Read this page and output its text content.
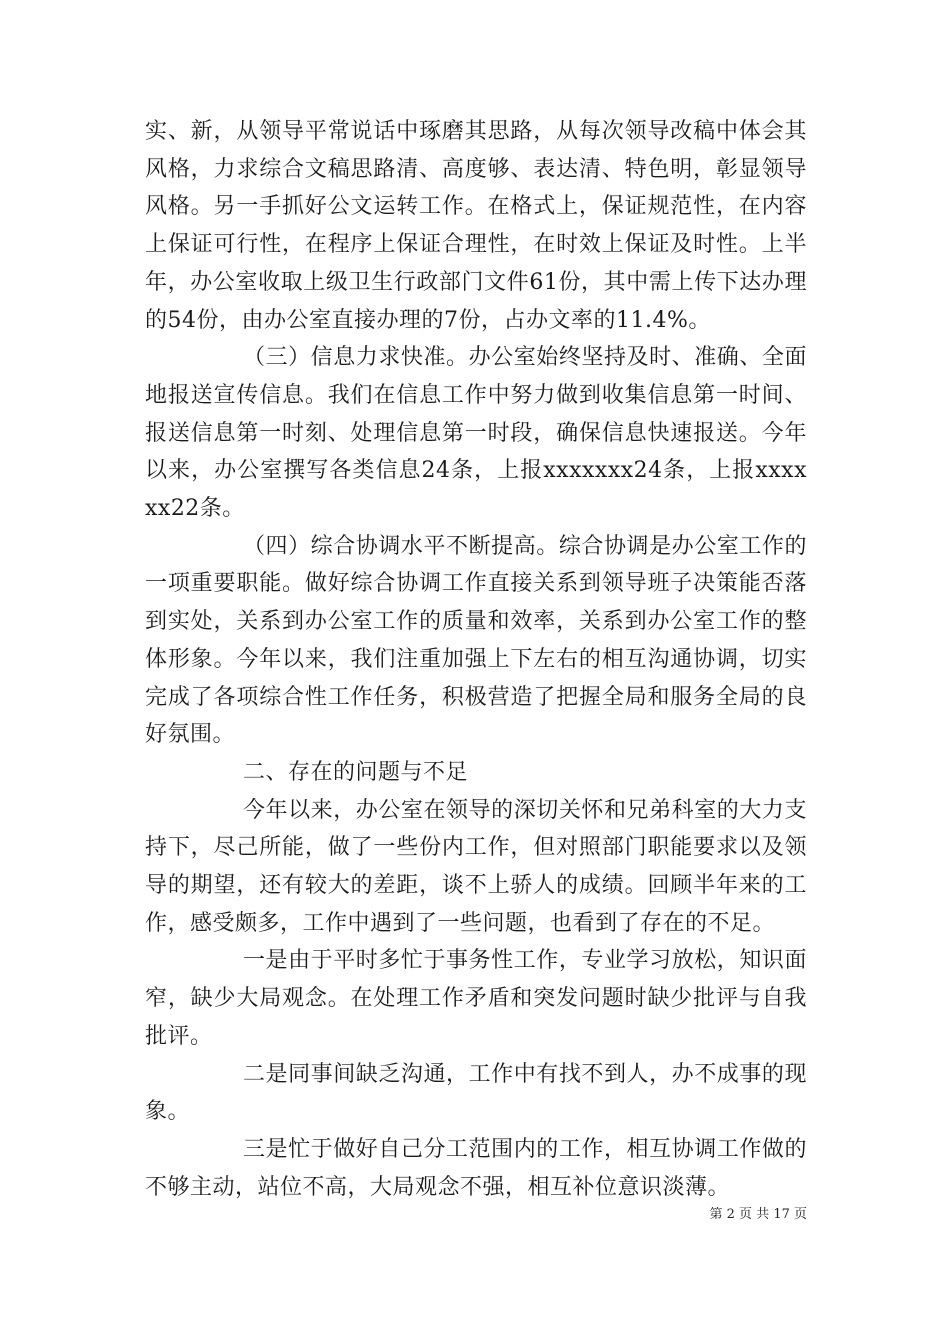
实、新，从领导平常说话中琢磨其思路，从每次领导改稿中体会其风格，力求综合文稿思路清、高度够、表达清、特色明，彰显领导风格。另一手抓好公文运转工作。在格式上，保证规范性，在内容上保证可行性，在程序上保证合理性，在时效上保证及时性。上半年，办公室收取上级卫生行政部门文件61份，其中需上传下达办理的54份，由办公室直接办理的7份，占办文率的11.4%。

（三）信息力求快准。办公室始终坚持及时、准确、全面地报送宣传信息。我们在信息工作中努力做到收集信息第一时间、报送信息第一时刻、处理信息第一时段，确保信息快速报送。今年以来，办公室撰写各类信息24条，上报xxxxxxx24条，上报xxxxxx22条。

（四）综合协调水平不断提高。综合协调是办公室工作的一项重要职能。做好综合协调工作直接关系到领导班子决策能否落到实处，关系到办公室工作的质量和效率，关系到办公室工作的整体形象。今年以来，我们注重加强上下左右的相互沟通协调，切实完成了各项综合性工作任务，积极营造了把握全局和服务全局的良好氛围。

二、存在的问题与不足

今年以来，办公室在领导的深切关怀和兄弟科室的大力支持下，尽己所能，做了一些份内工作，但对照部门职能要求以及领导的期望，还有较大的差距，谈不上骄人的成绩。回顾半年来的工作，感受颇多，工作中遇到了一些问题，也看到了存在的不足。

一是由于平时多忙于事务性工作，专业学习放松，知识面窄，缺少大局观念。在处理工作矛盾和突发问题时缺少批评与自我批评。

二是同事间缺乏沟通，工作中有找不到人，办不成事的现象。

三是忙于做好自己分工范围内的工作，相互协调工作做的不够主动，站位不高，大局观念不强，相互补位意识淡薄。

第 2 页 共 17 页
